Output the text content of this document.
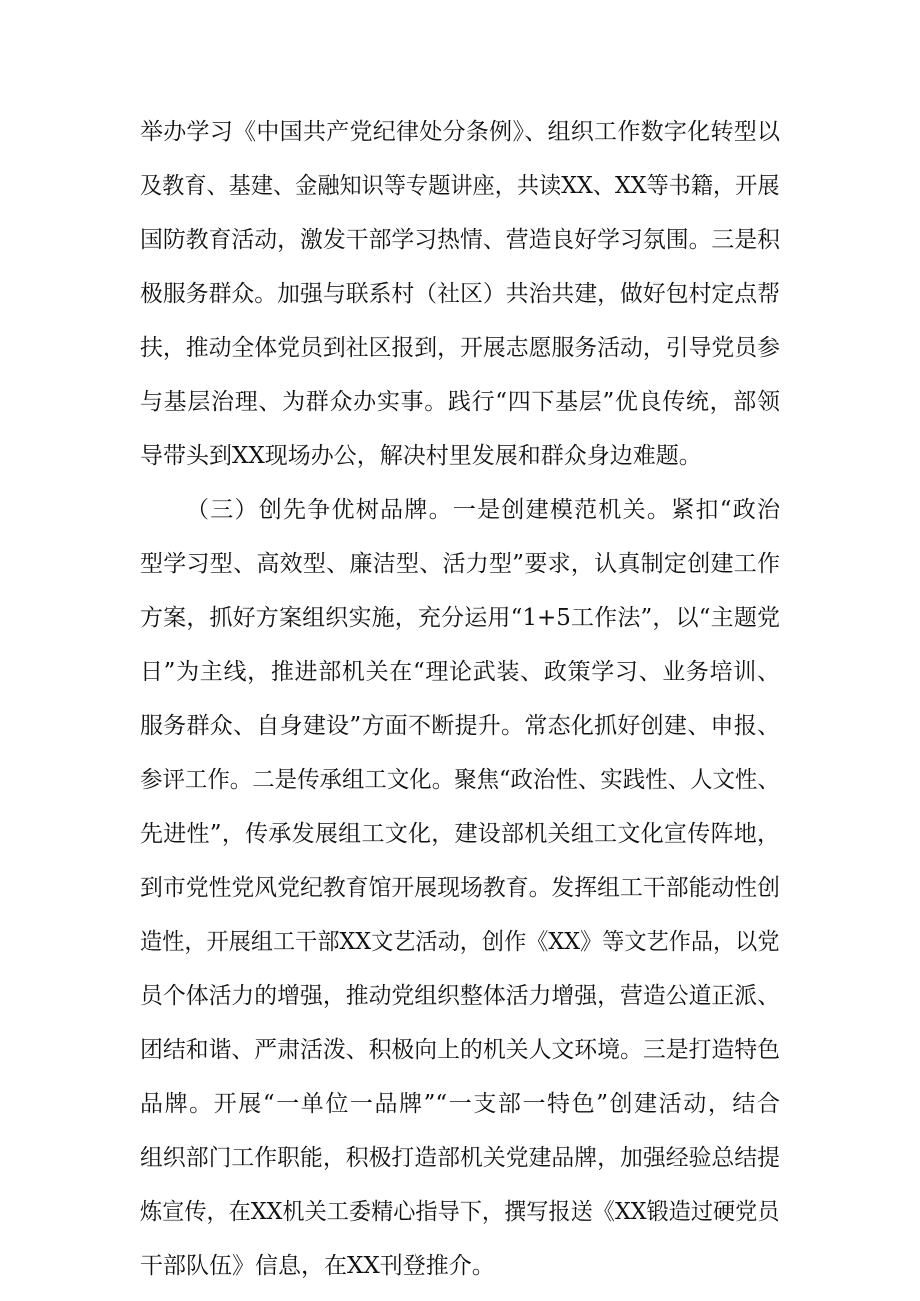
举办学习《中国共产党纪律处分条例》、组织工作数字化转型以
及教育、基建、金融知识等专题讲座，共读XX、XX等书籍，开展
国防教育活动，激发干部学习热情、营造良好学习氛围。三是积
极服务群众。加强与联系村（社区）共治共建，做好包村定点帮
扶，推动全体党员到社区报到，开展志愿服务活动，引导党员参
与基层治理、为群众办实事。践行“四下基层”优良传统，部领
导带头到XX现场办公，解决村里发展和群众身边难题。
（三）创先争优树品牌。一是创建模范机关。紧扣“政治
型学习型、高效型、廉洁型、活力型”要求，认真制定创建工作
方案，抓好方案组织实施，充分运用“1+5工作法”，以“主题党
日”为主线，推进部机关在“理论武装、政策学习、业务培训、
服务群众、自身建设”方面不断提升。常态化抓好创建、申报、
参评工作。二是传承组工文化。聚焦“政治性、实践性、人文性、
先进性”，传承发展组工文化，建设部机关组工文化宣传阵地，
到市党性党风党纪教育馆开展现场教育。发挥组工干部能动性创
造性，开展组工干部XX文艺活动，创作《XX》等文艺作品，以党
员个体活力的增强，推动党组织整体活力增强，营造公道正派、
团结和谐、严肃活泼、积极向上的机关人文环境。三是打造特色
品牌。开展“一单位一品牌”“一支部一特色”创建活动，结合
组织部门工作职能，积极打造部机关党建品牌，加强经验总结提
炼宣传，在XX机关工委精心指导下，撰写报送《XX锻造过硬党员
干部队伍》信息，在XX刊登推介。
